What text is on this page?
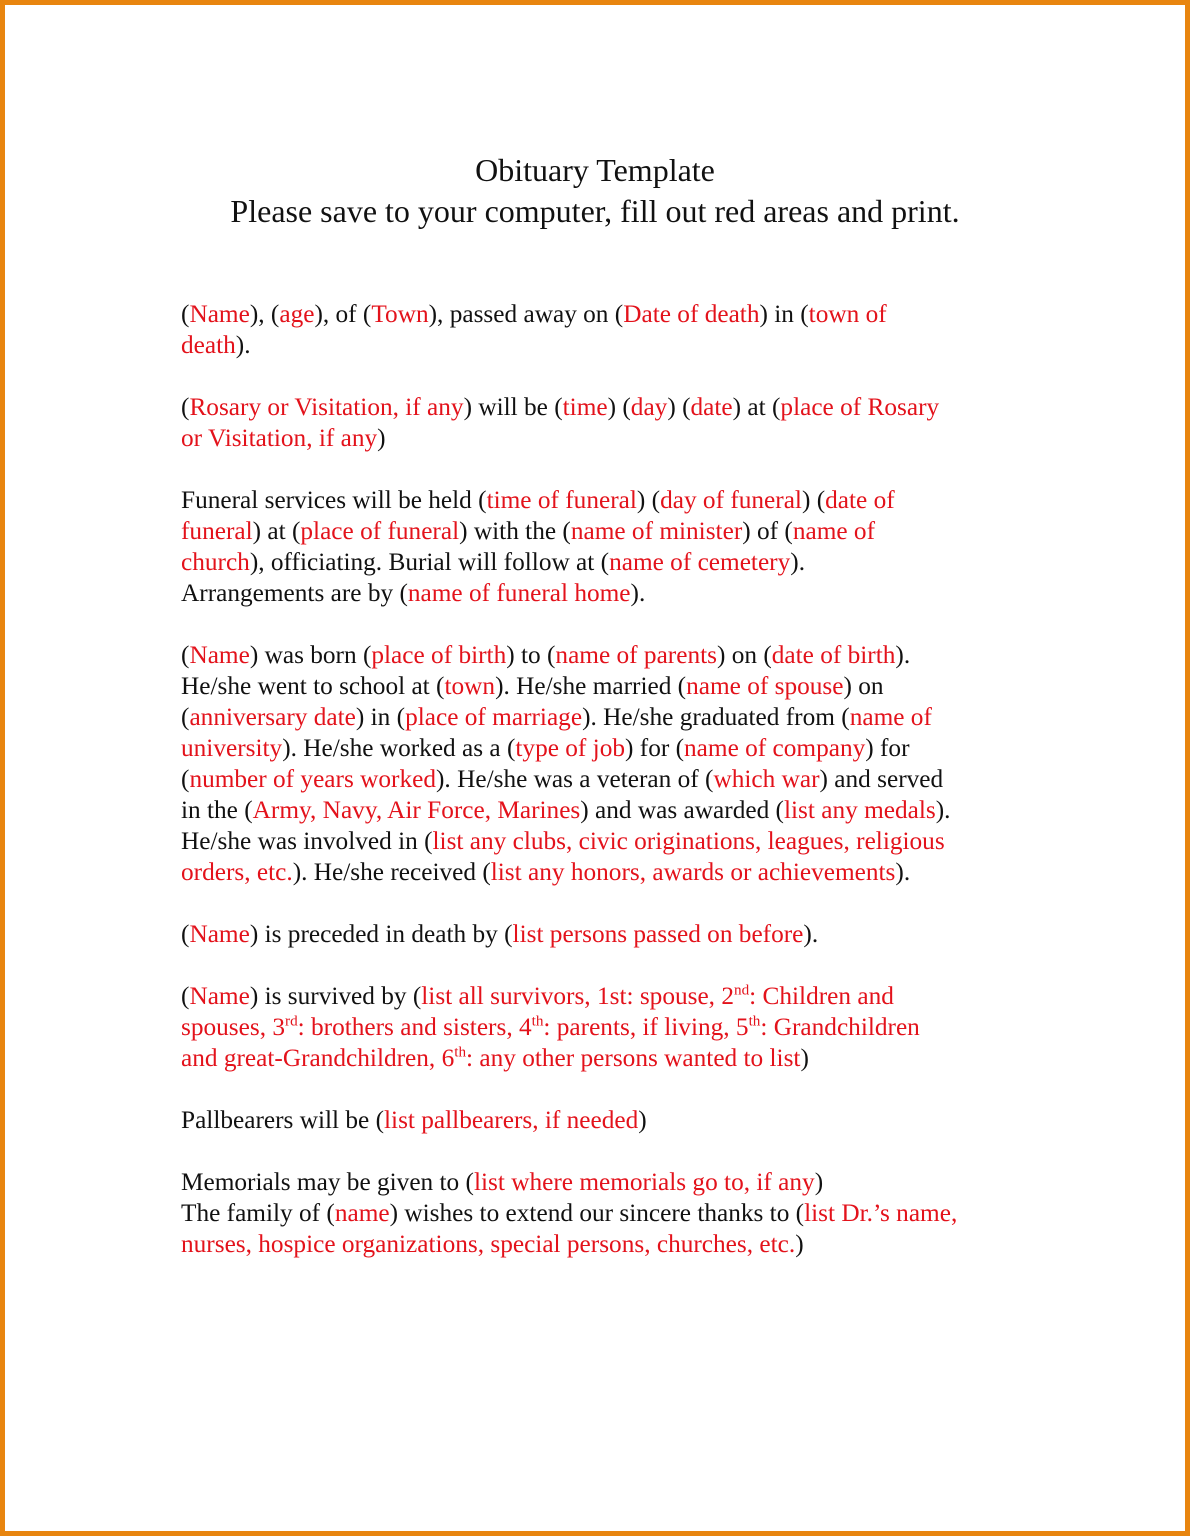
Obituary Template
Please save to your computer, fill out red areas and print.

(Name), (age), of (Town), passed away on (Date of death) in (town of
death).

(Rosary or Visitation, if any) will be (time) (day) (date) at (place of Rosary
or Visitation, if any)

Funeral services will be held (time of funeral) (day of funeral) (date of
funeral) at (place of funeral) with the (name of minister) of (name of
church), officiating. Burial will follow at (name of cemetery).
Arrangements are by (name of funeral home).

(Name) was born (place of birth) to (name of parents) on (date of birth).
He/she went to school at (town). He/she married (name of spouse) on
(anniversary date) in (place of marriage). He/she graduated from (name of
university). He/she worked as a (type of job) for (name of company) for
(number of years worked). He/she was a veteran of (which war) and served
in the (Army, Navy, Air Force, Marines) and was awarded (list any medals).
He/she was involved in (list any clubs, civic originations, leagues, religious
orders, etc.). He/she received (list any honors, awards or achievements).

(Name) is preceded in death by (list persons passed on before).

(Name) is survived by (list all survivors, 1st: spouse, 2nd: Children and
spouses, 3rd: brothers and sisters, 4th: parents, if living, 5th: Grandchildren
and great-Grandchildren, 6th: any other persons wanted to list)

Pallbearers will be (list pallbearers, if needed)

Memorials may be given to (list where memorials go to, if any)

The family of (name) wishes to extend our sincere thanks to (list Dr.’s name,
nurses, hospice organizations, special persons, churches, etc.)
